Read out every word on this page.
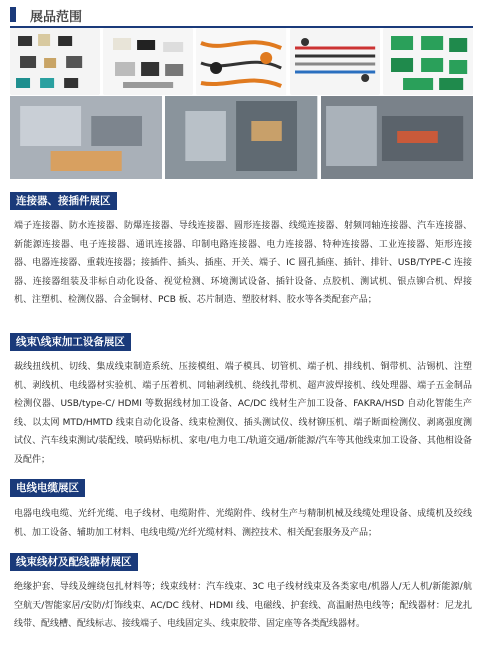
展品范围
连接器、接插件展区
端子连接器、防水连接器、防爆连接器、导线连接器、圆形连接器、线缆连接器、射频同轴连接器、汽车连接器、新能源连接器、电子连接器、通讯连接器、印制电路连接器、电力连接器、特种连接器、工业连接器、矩形连接器、电器连接器、重载连接器；接插件、插头、插座、开关、端子、IC 圆孔插座、插针、排针、USB/TYPE-C 连接器、连接器组装及非标自动化设备、视觉检测、环境测试设备、插针设备、点胶机、测试机、银点铆合机、焊接机、注塑机、检测仪器、合金铜材、PCB 板、芯片制造、塑胶材料、胶水等各类配套产品；
线束\线束加工设备展区
裁线扭线机、切线、集成线束制造系统、压接模组、端子模具、切管机、端子机、排线机、铜带机、沾锡机、注塑机、剥线机、电线器材实验机、端子压着机、同轴剥线机、绕线扎带机、超声波焊接机、线处理器、端子五金制品检测仪器、USB/type-C/ HDMI 等数据线材加工设备、AC/DC 线材生产加工设备、FAKRA/HSD 自动化智能生产线、以太网 MTD/HMTD 线束自动化设备、线束检测仪、插头测试仪、线材铆压机、端子断面检测仪、剥离强度测试仪、汽车线束测试/装配线、喷码贴标机、家电/电力电工/轨道交通/新能源/汽车等其他线束加工设备、其他相设备及配件；
电线电缆展区
电器电线电缆、光纤光缆、电子线材、电缆附件、光缆附件、线材生产与精制机械及线缆处理设备、成缆机及绞线机、加工设备、辅助加工材料、电线电缆/光纤光缆材料、测控技术、相关配套服务及产品；
线束线材及配线器材展区
绝缘护套、导线及缠绕包扎材料等；线束线材：汽车线束、3C 电子线材线束及各类家电/机器人/无人机/新能源/航空航天/智能家居/安防/灯饰线束、AC/DC 线材、HDMI 线、电磁线、护套线、高温耐热电线等；配线器材：尼龙扎线带、配线槽、配线标志、接线端子、电线固定头、线束胶带、固定座等各类配线器材。
